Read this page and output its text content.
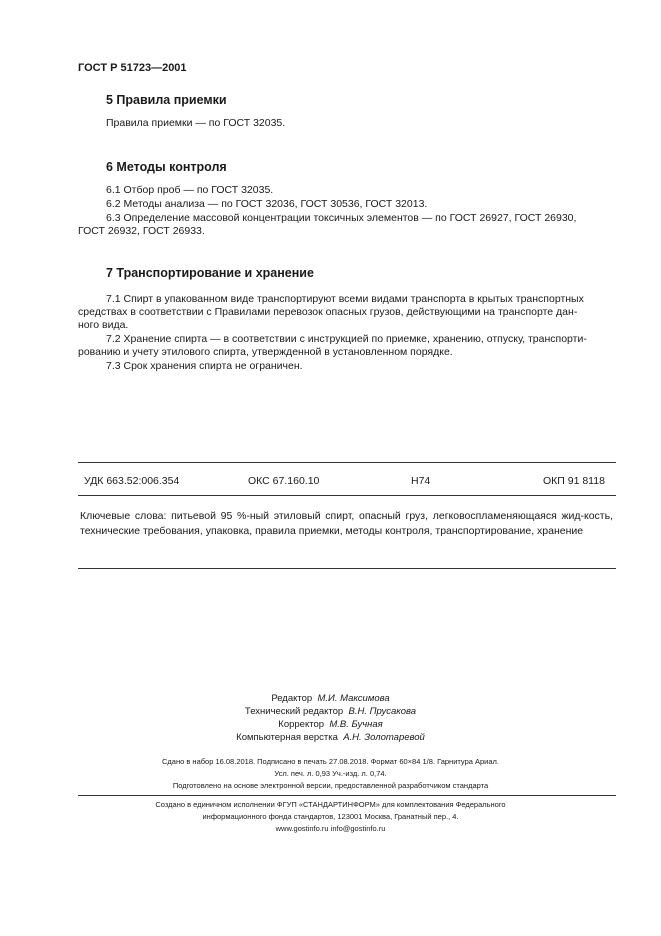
ГОСТ Р 51723—2001
5 Правила приемки
Правила приемки — по ГОСТ 32035.
6 Методы контроля
6.1 Отбор проб — по ГОСТ 32035.
6.2 Методы анализа — по ГОСТ 32036, ГОСТ 30536, ГОСТ 32013.
6.3 Определение массовой концентрации токсичных элементов — по ГОСТ 26927, ГОСТ 26930,
ГОСТ 26932, ГОСТ 26933.
7 Транспортирование и хранение
7.1 Спирт в упакованном виде транспортируют всеми видами транспорта в крытых транспортных
средствах в соответствии с Правилами перевозок опасных грузов, действующими на транспорте дан-
ного вида.
7.2 Хранение спирта — в соответствии с инструкцией по приемке, хранению, отпуску, транспорти-
рованию и учету этилового спирта, утвержденной в установленном порядке.
7.3 Срок хранения спирта не ограничен.
УДК 663.52:006.354	ОКС 67.160.10	Н74	ОКП 91 8118
Ключевые слова: питьевой 95 %-ный этиловый спирт, опасный груз, легковоспламеняющаяся жид-кость, технические требования, упаковка, правила приемки, методы контроля, транспортирование, хранение
Редактор М.И. Максимова
Технический редактор В.Н. Прусакова
Корректор М.В. Бучная
Компьютерная верстка А.Н. Золотаревой
Сдано в набор 16.08.2018. Подписано в печать 27.08.2018. Формат 60×84 1/8. Гарнитура Ариал.
Усл. печ. л. 0,93 Уч.-изд. л. 0,74.
Подготовлено на основе электронной версии, предоставленной разработчиком стандарта
Создано в единичном исполнении ФГУП «СТАНДАРТИНФОРМ» для комплектования Федерального
информационного фонда стандартов, 123001 Москва, Гранатный пер., 4.
www.gostinfo.ru info@gostinfo.ru
